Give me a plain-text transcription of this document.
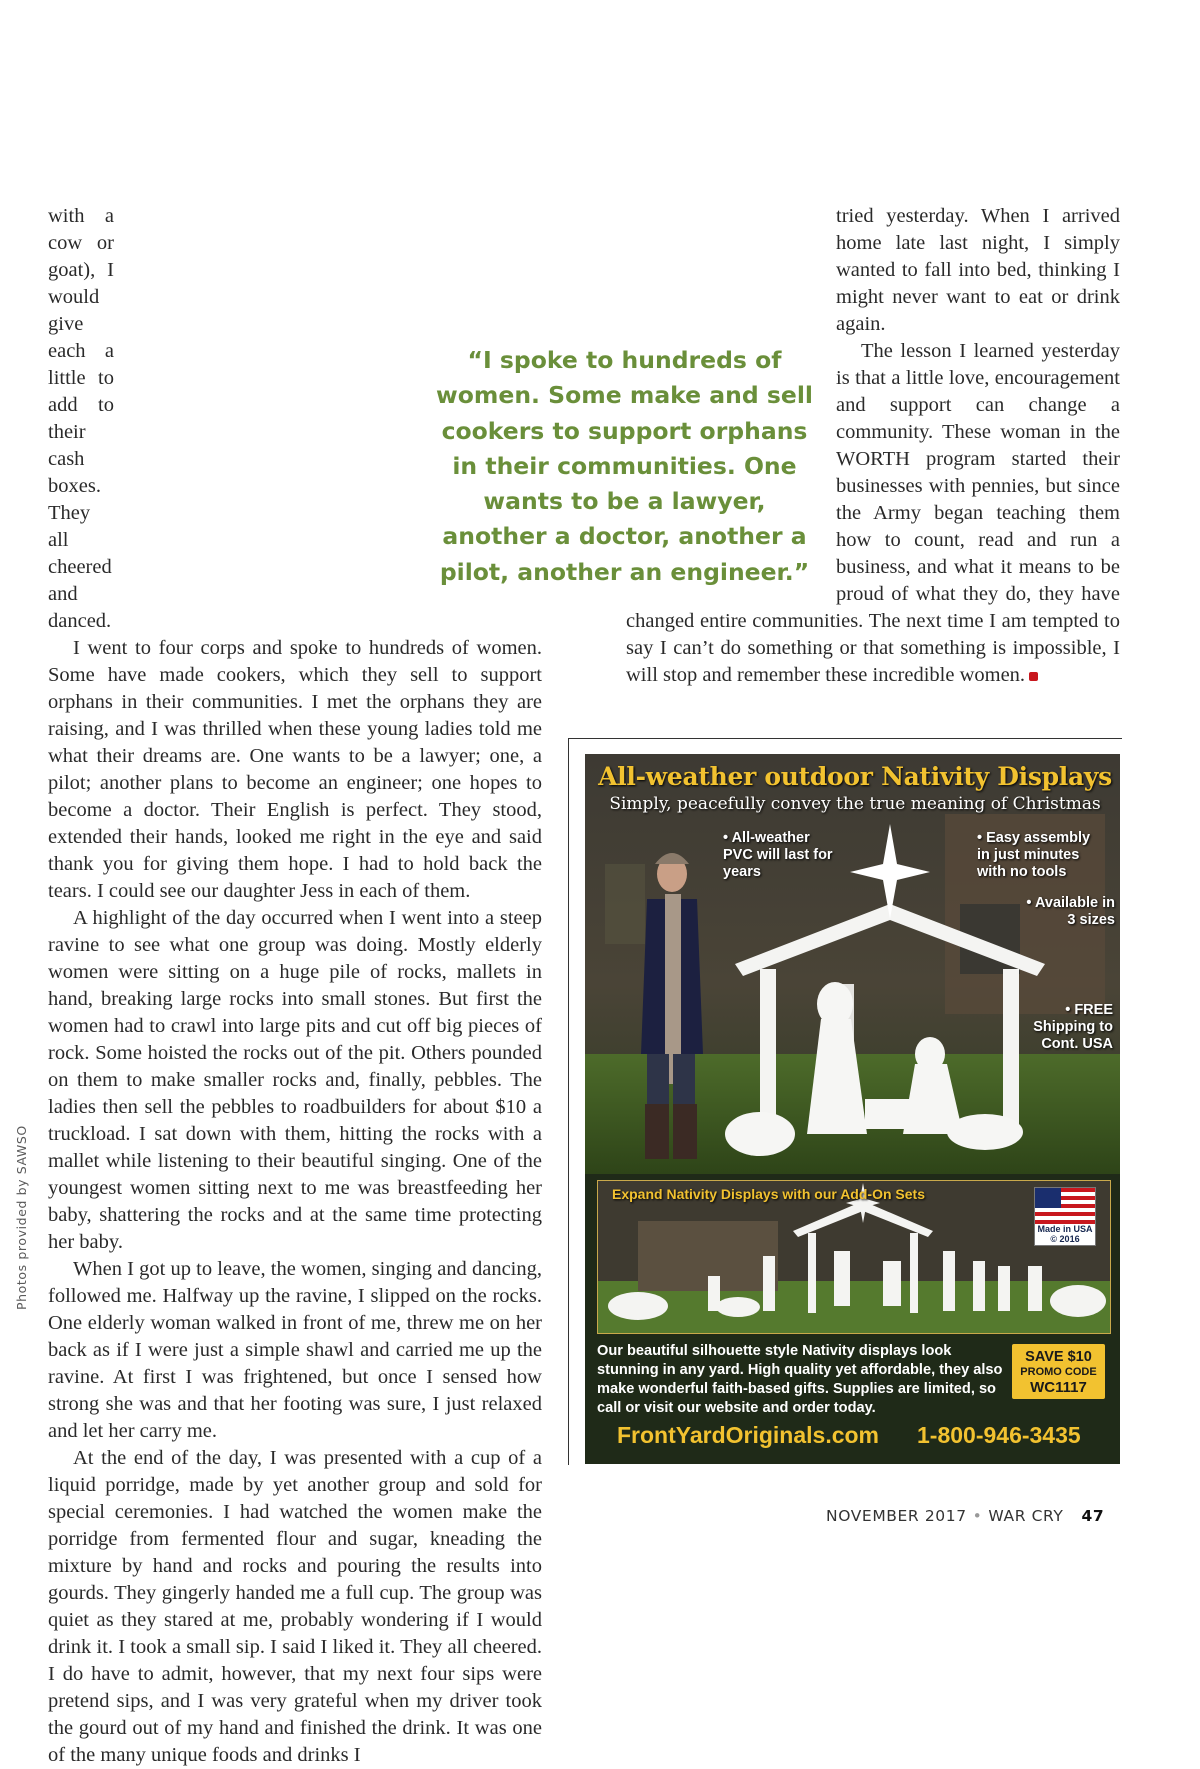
with a cow or goat), I would give each a little to add to their cash boxes. They all cheered and danced.

I went to four corps and spoke to hundreds of women. Some have made cookers, which they sell to support orphans in their communities. I met the orphans they are raising, and I was thrilled when these young ladies told me what their dreams are. One wants to be a lawyer; one, a pilot; another plans to become an engineer; one hopes to become a doctor. Their English is perfect. They stood, extended their hands, looked me right in the eye and said thank you for giving them hope. I had to hold back the tears. I could see our daughter Jess in each of them.

A highlight of the day occurred when I went into a steep ravine to see what one group was doing. Mostly elderly women were sitting on a huge pile of rocks, mallets in hand, breaking large rocks into small stones. But first the women had to crawl into large pits and cut off big pieces of rock. Some hoisted the rocks out of the pit. Others pounded on them to make smaller rocks and, finally, pebbles. The ladies then sell the pebbles to roadbuilders for about $10 a truckload. I sat down with them, hitting the rocks with a mallet while listening to their beautiful singing. One of the youngest women sitting next to me was breastfeeding her baby, shattering the rocks and at the same time protecting her baby.

When I got up to leave, the women, singing and dancing, followed me. Halfway up the ravine, I slipped on the rocks. One elderly woman walked in front of me, threw me on her back as if I were just a simple shawl and carried me up the ravine. At first I was frightened, but once I sensed how strong she was and that her footing was sure, I just relaxed and let her carry me.

At the end of the day, I was presented with a cup of a liquid porridge, made by yet another group and sold for special ceremonies. I had watched the women make the porridge from fermented flour and sugar, kneading the mixture by hand and rocks and pouring the results into gourds. They gingerly handed me a full cup. The group was quiet as they stared at me, probably wondering if I would drink it. I took a small sip. I said I liked it. They all cheered. I do have to admit, however, that my next four sips were pretend sips, and I was very grateful when my driver took the gourd out of my hand and finished the drink. It was one of the many unique foods and drinks I

tried yesterday. When I arrived home late last night, I simply wanted to fall into bed, thinking I might never want to eat or drink again.

The lesson I learned yesterday is that a little love, encouragement and support can change a community. These woman in the WORTH program started their businesses with pennies, but since the Army began teaching them how to count, read and run a business, and what it means to be proud of what they do, they have changed entire communities. The next time I am tempted to say I can’t do something or that something is impossible, I will stop and remember these incredible women.

“I spoke to hundreds of women. Some make and sell cookers to support orphans in their communities. One wants to be a lawyer, another a doctor, another a pilot, another an engineer.”
Photos provided by SAWSO
All-weather outdoor Nativity Displays
Simply, peacefully convey the true meaning of Christmas
• All-weather PVC will last for years
• Easy assembly in just minutes with no tools
• Available in 3 sizes
• FREE Shipping to Cont. USA
Expand Nativity Displays with our Add-On Sets
Made in USA
© 2016
Our beautiful silhouette style Nativity displays look stunning in any yard. High quality yet affordable, they also make wonderful faith-based gifts. Supplies are limited, so call or visit our website and order today.
SAVE $10
PROMO CODE
WC1117
FrontYardOriginals.com 1-800-946-3435
NOVEMBER 2017 • WAR CRY 47
